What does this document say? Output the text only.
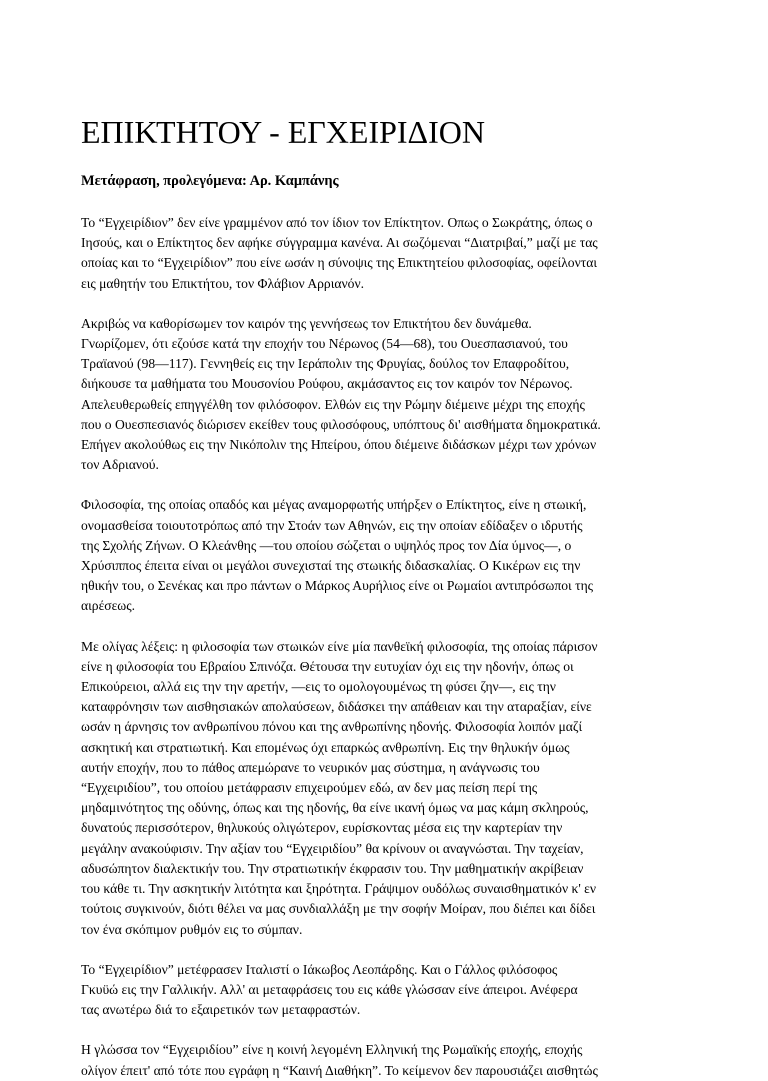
ΕΠΙΚΤΗΤΟΥ - ΕΓΧΕΙΡΙΔΙΟΝ
Μετάφραση, προλεγόμενα: Αρ. Καμπάνης

Το “Εγχειρίδιον” δεν είνε γραμμένον από τον ίδιον τον Επίκτητον. Οπως ο Σωκράτης, όπως ο
Ιησούς, και ο Επίκτητος δεν αφήκε σύγγραμμα κανένα. Αι σωζόμεναι “Διατριβαί,” μαζί με τας
οποίας και το “Εγχειρίδιον” που είνε ωσάν η σύνοψις της Επικτητείου φιλοσοφίας, οφείλονται
εις μαθητήν του Επικτήτου, τον Φλάβιον Αρριανόν.

Ακριβώς να καθορίσωμεν τον καιρόν της γεννήσεως τον Επικτήτου δεν δυνάμεθα.
Γνωρίζομεν, ότι εζούσε κατά την εποχήν του Νέρωνος (54—68), του Ουεσπασιανού, του
Τραϊανού (98—117). Γεννηθείς εις την Ιεράπολιν της Φρυγίας, δούλος τον Επαφροδίτου,
διήκουσε τα μαθήματα του Μουσονίου Ρούφου, ακμάσαντος εις τον καιρόν τον Νέρωνος.
Απελευθερωθείς επηγγέλθη τον φιλόσοφον. Ελθών εις την Ρώμην διέμεινε μέχρι της εποχής
που ο Ουεσπεσιανός διώρισεν εκείθεν τους φιλοσόφους, υπόπτους δι' αισθήματα δημοκρατικά.
Επήγεν ακολούθως εις την Νικόπολιν της Ηπείρου, όπου διέμεινε διδάσκων μέχρι των χρόνων
τον Αδριανού.

Φιλοσοφία, της οποίας οπαδός και μέγας αναμορφωτής υπήρξεν ο Επίκτητος, είνε η στωική,
ονομασθείσα τοιουτοτρόπως από την Στοάν των Αθηνών, εις την οποίαν εδίδαξεν ο ιδρυτής
της Σχολής Ζήνων. Ο Κλεάνθης —του οποίου σώζεται ο υψηλός προς τον Δία ύμνος—, ο
Χρύσιππος έπειτα είναι οι μεγάλοι συνεχισταί της στωικής διδασκαλίας. Ο Κικέρων εις την
ηθικήν του, ο Σενέκας και προ πάντων ο Μάρκος Αυρήλιος είνε οι Ρωμαίοι αντιπρόσωποι της
αιρέσεως.

Με ολίγας λέξεις: η φιλοσοφία των στωικών είνε μία πανθεϊκή φιλοσοφία, της οποίας πάρισον
είνε η φιλοσοφία του Εβραίου Σπινόζα. Θέτουσα την ευτυχίαν όχι εις την ηδονήν, όπως οι
Επικούρειοι, αλλά εις την την αρετήν, —εις το ομολογουμένως τη φύσει ζην—, εις την
καταφρόνησιν των αισθησιακών απολαύσεων, διδάσκει την απάθειαν και την αταραξίαν, είνε
ωσάν η άρνησις τον ανθρωπίνου πόνου και της ανθρωπίνης ηδονής. Φιλοσοφία λοιπόν μαζί
ασκητική και στρατιωτική. Και επομένως όχι επαρκώς ανθρωπίνη. Εις την θηλυκήν όμως
αυτήν εποχήν, που το πάθος απεμώρανε το νευρικόν μας σύστημα, η ανάγνωσις του
“Εγχειριδίου”, του οποίου μετάφρασιν επιχειρούμεν εδώ, αν δεν μας πείση περί της
μηδαμινότητος της οδύνης, όπως και της ηδονής, θα είνε ικανή όμως να μας κάμη σκληρούς,
δυνατούς περισσότερον, θηλυκούς ολιγώτερον, ευρίσκοντας μέσα εις την καρτερίαν την
μεγάλην ανακούφισιν. Την αξίαν του “Εγχειριδίου” θα κρίνουν οι αναγνώσται. Την ταχείαν,
αδυσώπητον διαλεκτικήν του. Την στρατιωτικήν έκφρασιν του. Την μαθηματικήν ακρίβειαν
του κάθε τι. Την ασκητικήν λιτότητα και ξηρότητα. Γράψιμον ουδόλως συναισθηματικόν κ' εν
τούτοις συγκινούν, διότι θέλει να μας συνδιαλλάξη με την σοφήν Μοίραν, που διέπει και δίδει
τον ένα σκόπιμον ρυθμόν εις το σύμπαν.

Το “Εγχειρίδιον” μετέφρασεν Ιταλιστί ο Ιάκωβος Λεοπάρδης. Και ο Γάλλος φιλόσοφος
Γκυϋώ εις την Γαλλικήν. Αλλ' αι μεταφράσεις του εις κάθε γλώσσαν είνε άπειροι. Ανέφερα
τας ανωτέρω διά το εξαιρετικόν των μεταφραστών.

Η γλώσσα τον “Εγχειριδίου” είνε η κοινή λεγομένη Ελληνική της Ρωμαϊκής εποχής, εποχής
ολίγον έπειτ' από τότε που εγράφη η “Καινή Διαθήκη”. Το κείμενον δεν παρουσιάζει αισθητώς
